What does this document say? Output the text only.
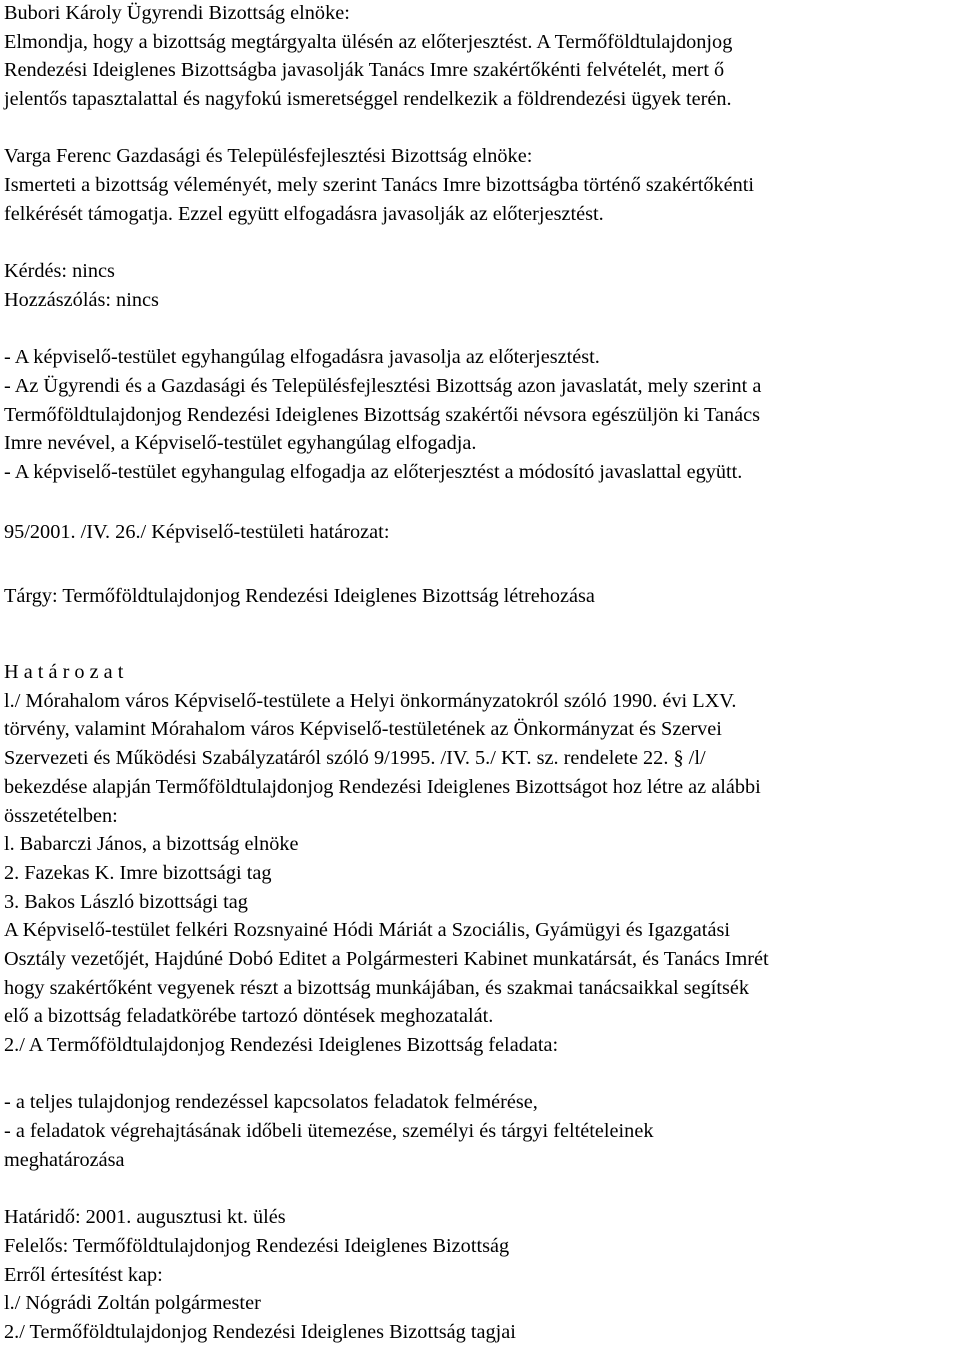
Bubori Károly Ügyrendi Bizottság elnöke:
Elmondja, hogy a bizottság megtárgyalta ülésén az előterjesztést. A Termőföldtulajdonjog
Rendezési Ideiglenes Bizottságba javasolják Tanács Imre szakértőkénti felvételét, mert ő
jelentős tapasztalattal és nagyfokú ismeretséggel rendelkezik a földrendezési ügyek terén.
Varga Ferenc Gazdasági és Településfejlesztési Bizottság elnöke:
Ismerteti a bizottság véleményét, mely szerint Tanács Imre bizottságba történő szakértőkénti
felkérését támogatja. Ezzel együtt elfogadásra javasolják az előterjesztést.
Kérdés: nincs
Hozzászólás: nincs
- A képviselő-testület egyhangúlag elfogadásra javasolja az előterjesztést.
- Az Ügyrendi és a Gazdasági és Településfejlesztési Bizottság azon javaslatát, mely szerint a
Termőföldtulajdonjog Rendezési Ideiglenes Bizottság szakértői névsora egészüljön ki Tanács
Imre nevével, a Képviselő-testület egyhangúlag elfogadja.
- A képviselő-testület egyhangulag elfogadja az előterjesztést a módosító javaslattal együtt.
95/2001. /IV. 26./ Képviselő-testületi határozat:
Tárgy: Termőföldtulajdonjog Rendezési Ideiglenes Bizottság létrehozása
H a t á r o z a t
l./ Mórahalom város Képviselő-testülete a Helyi önkormányzatokról szóló 1990. évi LXV.
törvény, valamint Mórahalom város Képviselő-testületének az Önkormányzat és Szervei
Szervezeti és Működési Szabályzatáról szóló 9/1995. /IV. 5./ KT. sz. rendelete 22. § /l/
bekezdése alapján Termőföldtulajdonjog Rendezési Ideiglenes Bizottságot hoz létre az alábbi
összetételben:
l. Babarczi János, a bizottság elnöke
2. Fazekas K. Imre bizottsági tag
3. Bakos László bizottsági tag
A Képviselő-testület felkéri Rozsnyainé Hódi Máriát a Szociális, Gyámügyi és Igazgatási
Osztály vezetőjét, Hajdúné Dobó Editet a Polgármesteri Kabinet munkatársát, és Tanács Imrét
hogy szakértőként vegyenek részt a bizottság munkájában, és szakmai tanácsaikkal segítsék
elő a bizottság feladatkörébe tartozó döntések meghozatalát.
2./ A Termőföldtulajdonjog Rendezési Ideiglenes Bizottság feladata:
- a teljes tulajdonjog rendezéssel kapcsolatos feladatok felmérése,
- a feladatok végrehajtásának időbeli ütemezése, személyi és tárgyi feltételeinek
meghatározása
Határidő: 2001. augusztusi kt. ülés
Felelős: Termőföldtulajdonjog Rendezési Ideiglenes Bizottság
Erről értesítést kap:
l./ Nógrádi Zoltán polgármester
2./ Termőföldtulajdonjog Rendezési Ideiglenes Bizottság tagjai
